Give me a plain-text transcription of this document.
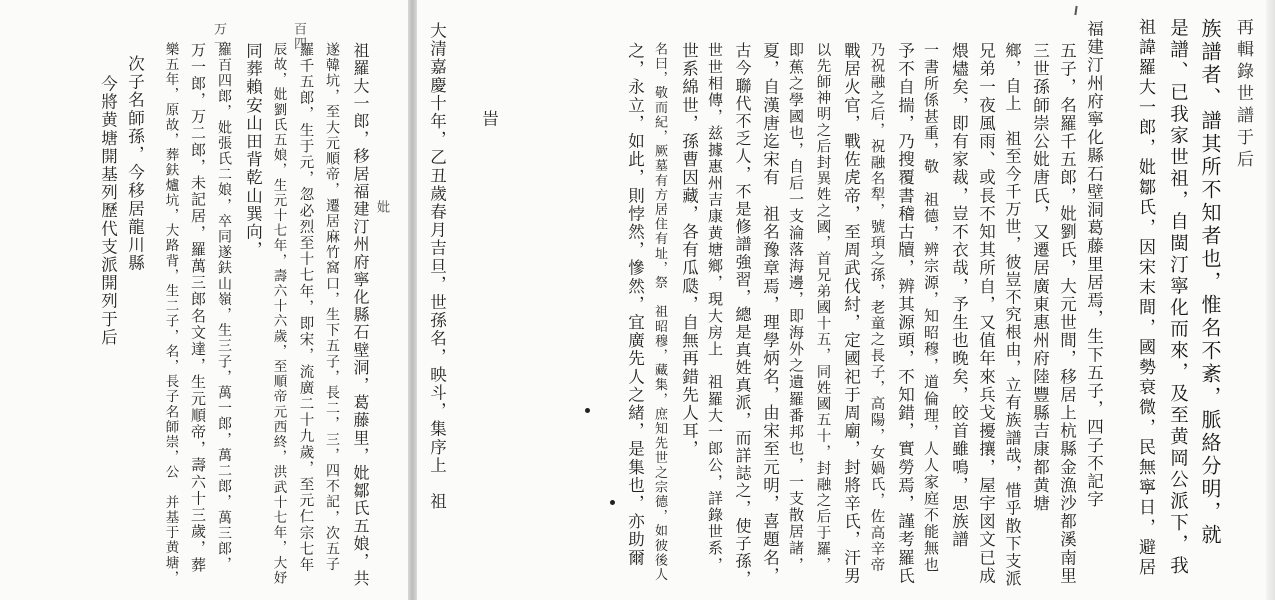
再輯錄世譜于后
族譜者、譜其所不知者也，惟名不紊，脈絡分明，就
是譜、已我家世祖，自閩汀寧化而來，及至黄岡公派下，我
祖諱羅大一郎，妣鄒氏，因宋末間，國勢衰微，民無寧日，避居
福建汀州府寧化縣石壁洞葛藤里居焉，生下五子，四子不記字
五子，名羅千五郎，妣劉氏，大元世間，移居上杭縣金漁沙都溪南里
三世孫師崇公妣唐氏，又遷居廣東惠州府陸豐縣吉康都黄塘
鄉，自上　祖至今千万世，彼豈不究根由，立有族譜哉，惜乎散下支派
兄弟一夜風雨、或長不知其所自，又值年來兵戈擾攘，屋宇図文已成
煨燼矣，即有家裁，豈不衣哉，予生也晚矣，皎首雖鳴，思族譜
一書所係甚重，敬　祖德，辨宗源，知昭穆，道倫理，人人家庭不能無也
予不自揣，乃搜覆書稽古牘，辨其源頭，不知錯，實勞焉，謹考羅氏
乃祝融之后，祝融名犁，號頊之孫，老童之長子，高陽，女媧氏，佐高辛帝
戰居火官，戰佐虎帝，至周武伐紂，定國祀于周廟，封將辛氏，汗男
以先師神明之后封異姓之國，首兄弟國十五，同姓國五十，封融之后于羅，
即蕉之學國也，自后一支淪落海邊，即海外之遺羅番邦也，一支散居諸，
夏，自漢唐迄宋有　祖名豫章焉，理學炳名，由宋至元明，喜題名，
古今聯代不乏人，不是修譜強習，總是真姓真派，而詳誌之，使子孫，
世世相傳，兹據惠州吉康黄塘鄉，現大房上　祖羅大一郎公，詳錄世系，
世系綿世，孫曹因藏，各有瓜瓞，自無再錯先人耳，
名曰，敬而紀，厥墓有方居住有址，祭　祖昭穆，藏集，庶知先世之宗德，如彼後人
之，永立，如此，則悖然，慘然，宜廣先人之緒，是集也，亦助爾
旹
大清嘉慶十年，乙丑歲春月吉旦，世孫名，映斗，集序上　祖
祖羅大一郎，移居福建汀州府寧化縣石壁洞，葛藤里，妣鄒氏五娘，共
遂韓坑，至大元順帝，遷居麻竹窩口，生下五子，長二，三，四不記，次五子
羅千五郎，生于元，忽必烈至十七年，即宋，流廣二十九歲，至元仁宗七年
辰故，妣劉氏五娘，生元十七年，壽六十六歲，至順帝元西終，洪武十七年，大妤
同葬賴安山田背乾山巽向，
羅百四郎，妣張氏二娘，卒同遂鈇山嶺，生三子，萬一郎，萬二郎，萬三郎，
万一郎，万二郎，未記居，羅萬三郎名文達，生元順帝，壽六十三歲，葬
樂五年，原故，葬鈇爐坑，大路背，生二子，名，長子名師崇，公　并基于黄塘，
次子名師孫，今移居龍川縣
今將黄塘開基列歷代支派開列于后
百四
万一
妣
